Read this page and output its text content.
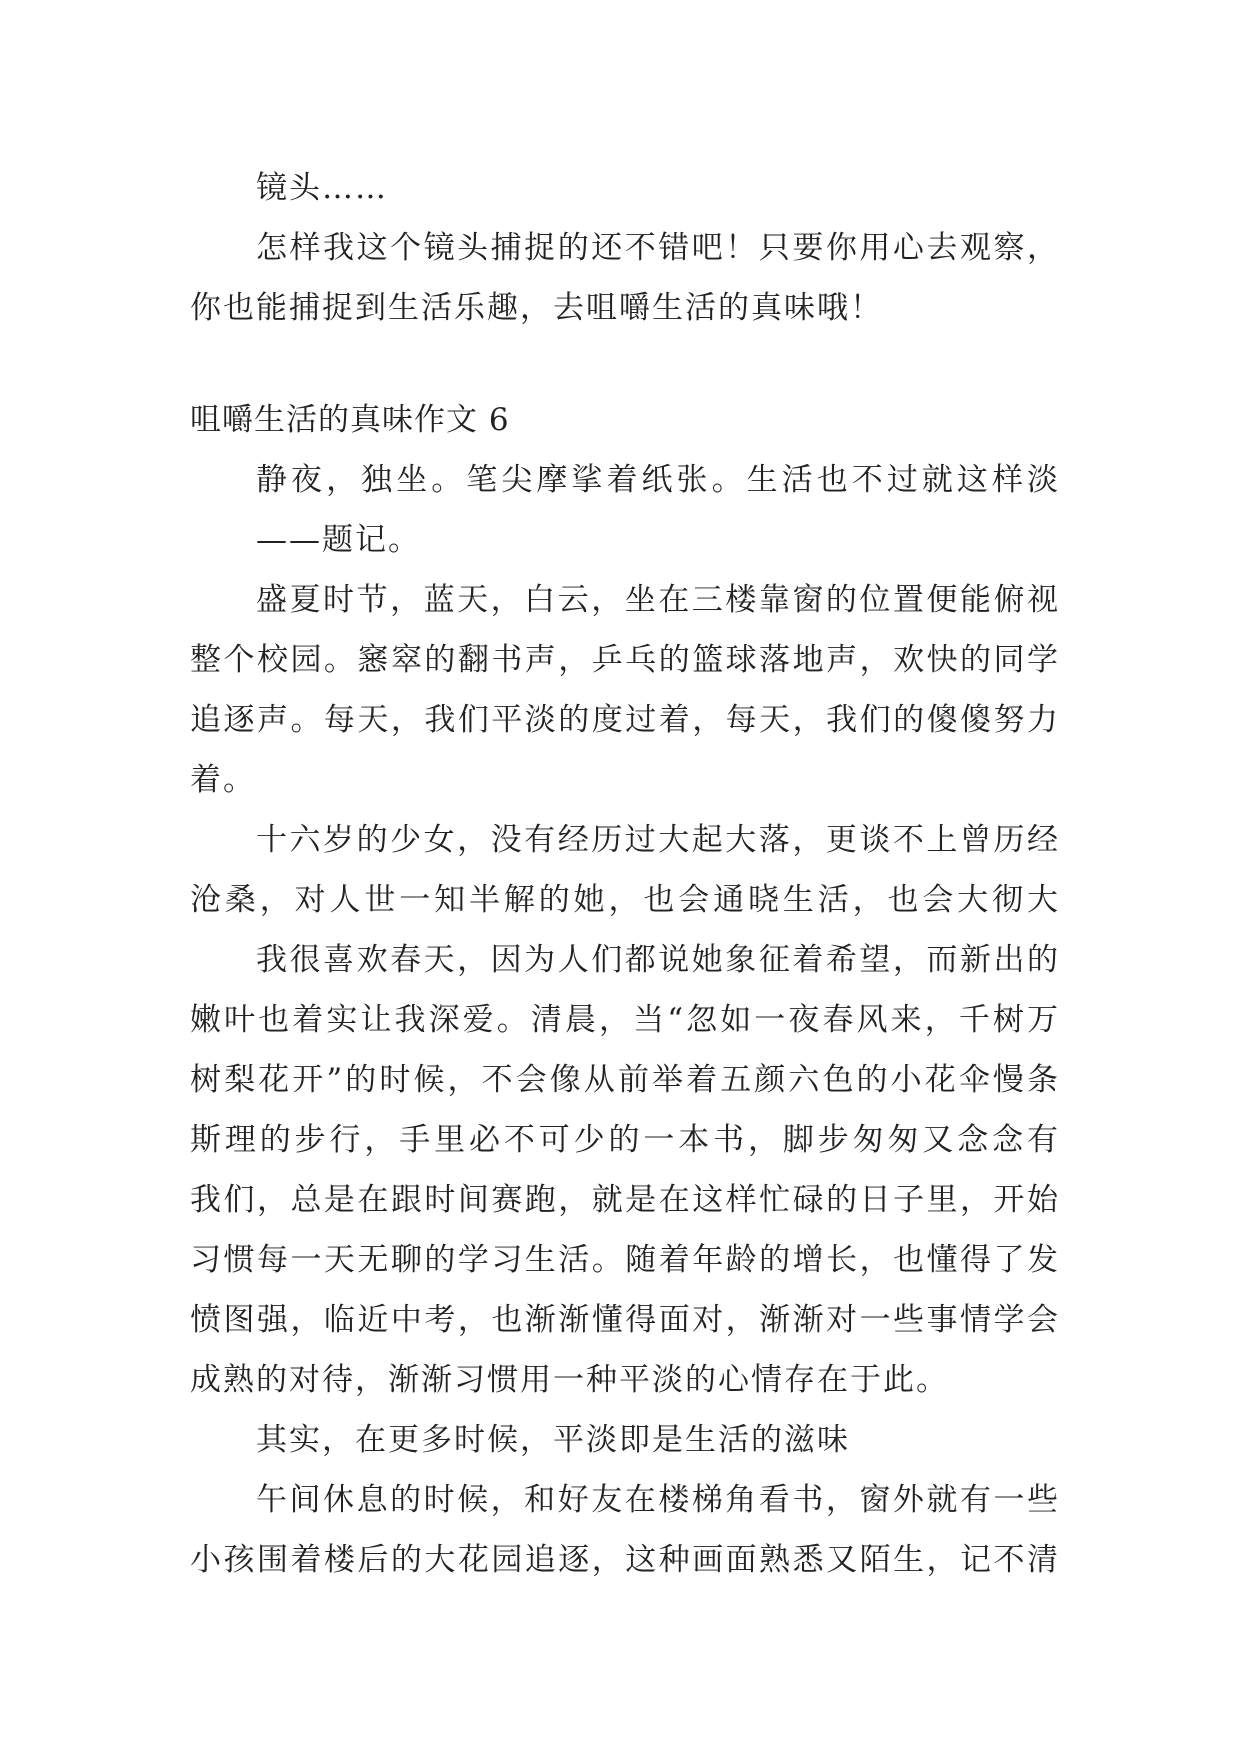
镜头……
怎样我这个镜头捕捉的还不错吧！只要你用心去观察，
你也能捕捉到生活乐趣，去咀嚼生活的真味哦！
咀嚼生活的真味作文 6
静夜，独坐。笔尖摩挲着纸张。生活也不过就这样淡
——题记。
盛夏时节，蓝天，白云，坐在三楼靠窗的位置便能俯视
整个校园。窸窣的翻书声，乒乓的篮球落地声，欢快的同学
追逐声。每天，我们平淡的度过着，每天，我们的傻傻努力
着。
十六岁的少女，没有经历过大起大落，更谈不上曾历经
沧桑，对人世一知半解的她，也会通晓生活，也会大彻大
我很喜欢春天，因为人们都说她象征着希望，而新出的
嫩叶也着实让我深爱。清晨，当“忽如一夜春风来，千树万
树梨花开”的时候，不会像从前举着五颜六色的小花伞慢条
斯理的步行，手里必不可少的一本书，脚步匆匆又念念有
我们，总是在跟时间赛跑，就是在这样忙碌的日子里，开始
习惯每一天无聊的学习生活。随着年龄的增长，也懂得了发
愤图强，临近中考，也渐渐懂得面对，渐渐对一些事情学会
成熟的对待，渐渐习惯用一种平淡的心情存在于此。
其实，在更多时候，平淡即是生活的滋味
午间休息的时候，和好友在楼梯角看书，窗外就有一些
小孩围着楼后的大花园追逐，这种画面熟悉又陌生，记不清
